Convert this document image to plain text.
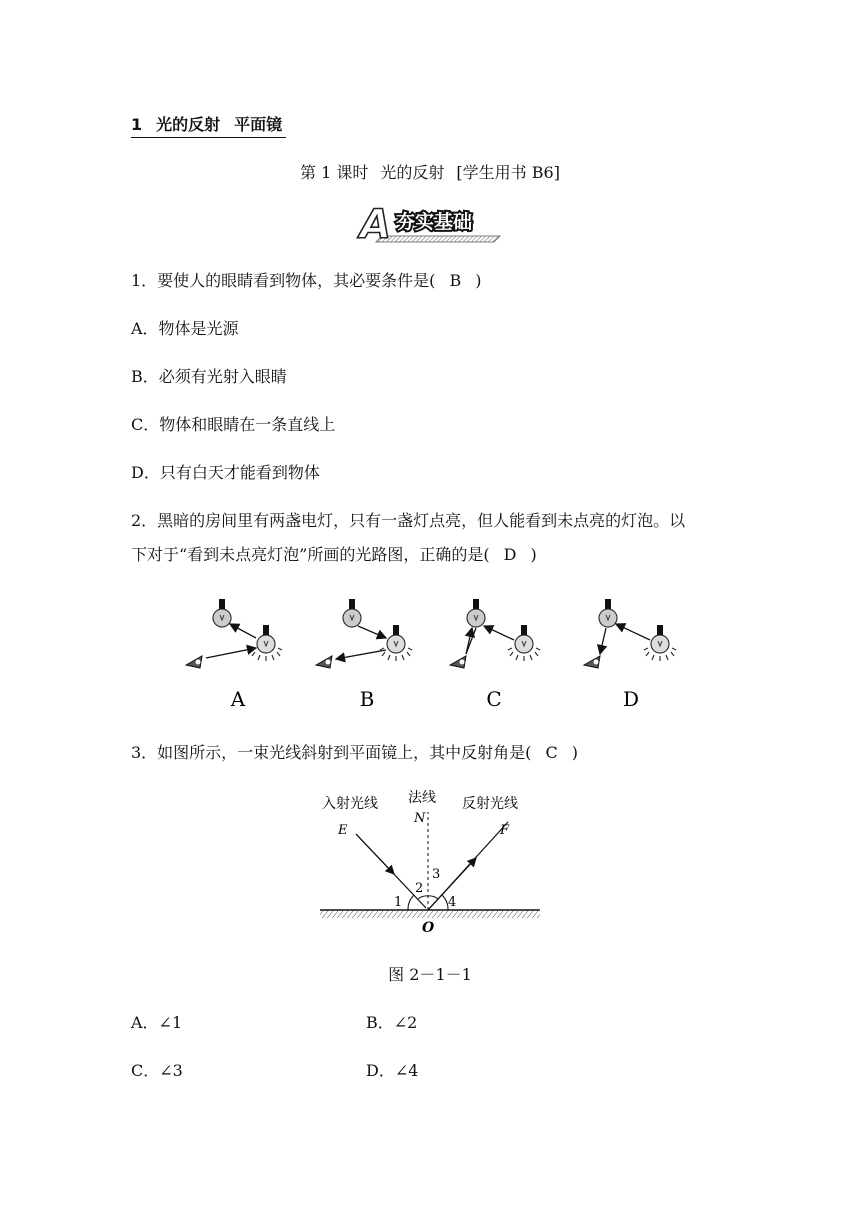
1 光的反射 平面镜
第 1 课时 光的反射 [学生用书 B6]
A 夯实基础
1．要使人的眼睛看到物体，其必要条件是( B )
A．物体是光源
B．必须有光射入眼睛
C．物体和眼睛在一条直线上
D．只有白天才能看到物体
2．黑暗的房间里有两盏电灯，只有一盏灯点亮，但人能看到未点亮的灯泡。以
下对于“看到未点亮灯泡”所画的光路图，正确的是( D )
A	B	C	D
3．如图所示，一束光线斜射到平面镜上，其中反射角是( C )
入射光线 法线 反射光线
E
N
F
O
1
2
3
4
图 2－1－1
A．∠1	B．∠2
C．∠3	D．∠4
